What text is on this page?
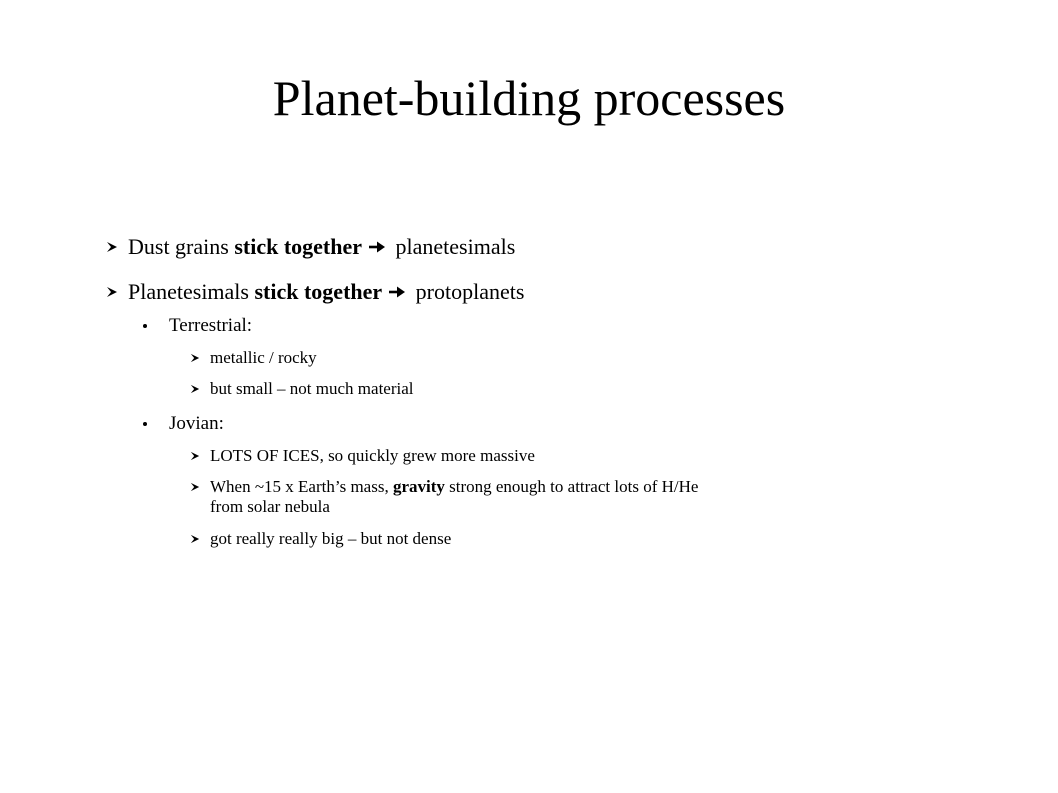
Planet-building processes
Dust grains stick together planetesimals
Planetesimals stick together protoplanets
Terrestrial:
metallic / rocky
but small – not much material
Jovian:
LOTS OF ICES, so quickly grew more massive
When ~15 x Earth’s mass, gravity strong enough to attract lots of H/He
from solar nebula
got really really big – but not dense
